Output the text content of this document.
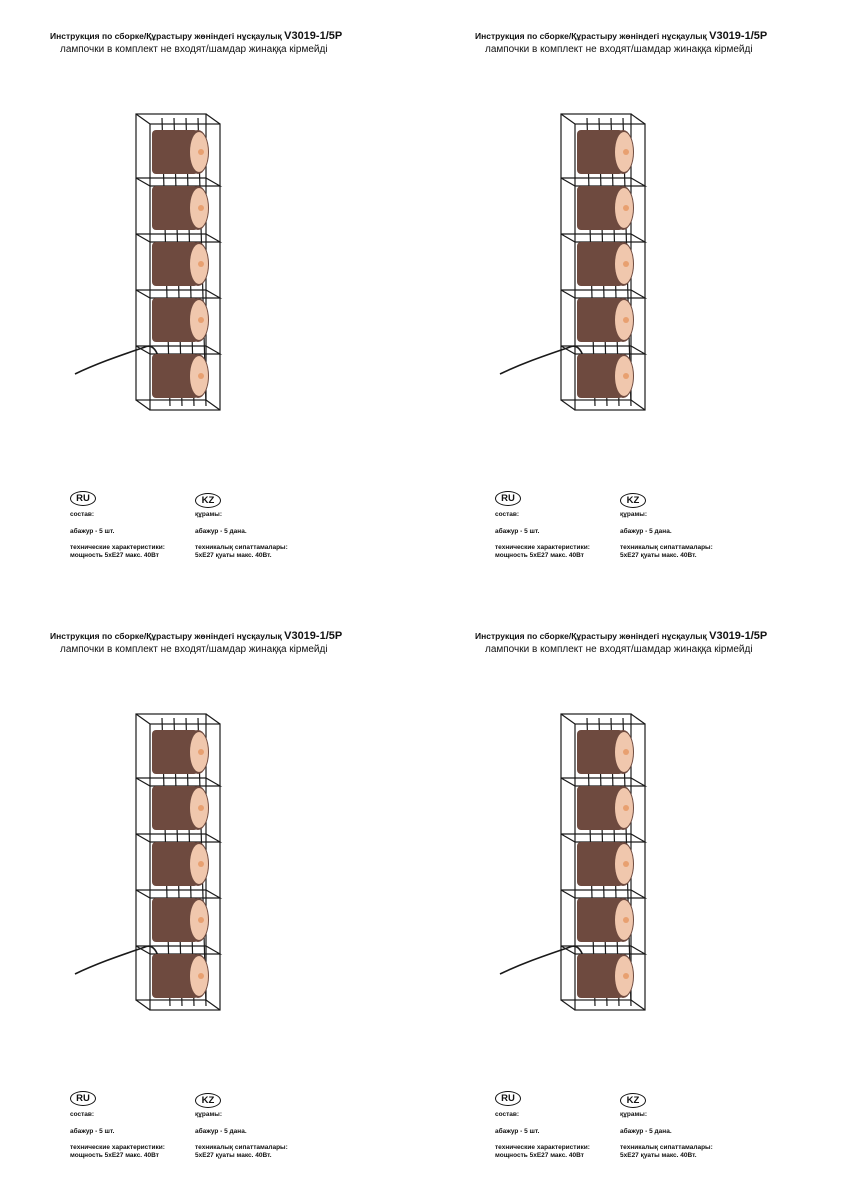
Инструкция по сборке/Құрастыру жөніндегі нұсқаулық V3019-1/5P
лампочки в комплект не входят/шамдар жинаққа кірмейді
RU	KZ
состав:
абажур - 5 шт.
технические характеристики:
мощность 5xE27 макс. 40Вт
құрамы:
абажур - 5 дана.
техникалық сипаттамалары:
5xE27 қуаты макс. 40Вт.
Инструкция по сборке/Құрастыру жөніндегі нұсқаулық V3019-1/5P
лампочки в комплект не входят/шамдар жинаққа кірмейді
RU	KZ
состав:
абажур - 5 шт.
технические характеристики:
мощность 5xE27 макс. 40Вт
құрамы:
абажур - 5 дана.
техникалық сипаттамалары:
5xE27 қуаты макс. 40Вт.
Инструкция по сборке/Құрастыру жөніндегі нұсқаулық V3019-1/5P
лампочки в комплект не входят/шамдар жинаққа кірмейді
RU	KZ
состав:
абажур - 5 шт.
технические характеристики:
мощность 5xE27 макс. 40Вт
құрамы:
абажур - 5 дана.
техникалық сипаттамалары:
5xE27 қуаты макс. 40Вт.
Инструкция по сборке/Құрастыру жөніндегі нұсқаулық V3019-1/5P
лампочки в комплект не входят/шамдар жинаққа кірмейді
RU	KZ
состав:
абажур - 5 шт.
технические характеристики:
мощность 5xE27 макс. 40Вт
құрамы:
абажур - 5 дана.
техникалық сипаттамалары:
5xE27 қуаты макс. 40Вт.
